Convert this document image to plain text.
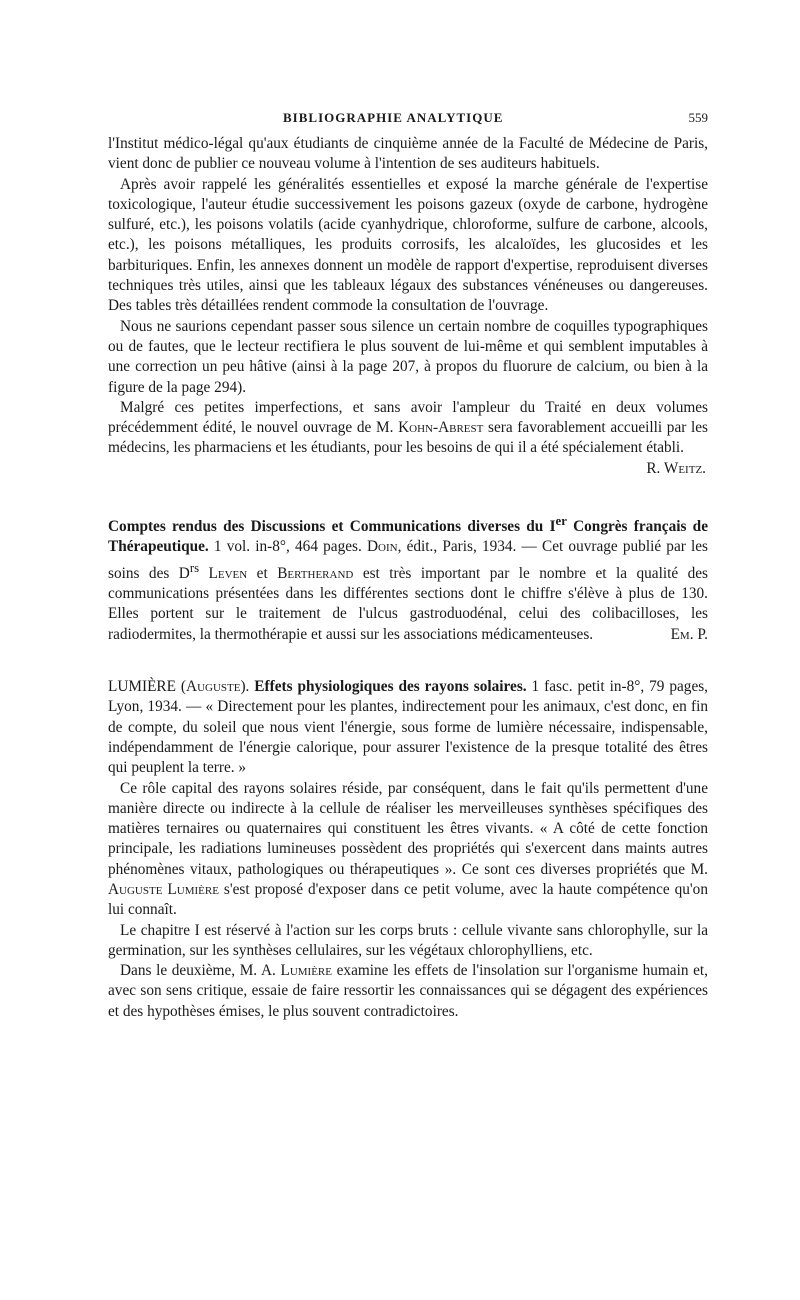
BIBLIOGRAPHIE ANALYTIQUE	559

l'Institut médico-légal qu'aux étudiants de cinquième année de la Faculté de Médecine de Paris, vient donc de publier ce nouveau volume à l'intention de ses auditeurs habituels.

Après avoir rappelé les généralités essentielles et exposé la marche générale de l'expertise toxicologique, l'auteur étudie successivement les poisons gazeux (oxyde de carbone, hydrogène sulfuré, etc.), les poisons volatils (acide cyanhydrique, chloroforme, sulfure de carbone, alcools, etc.), les poisons métalliques, les produits corrosifs, les alcaloïdes, les glucosides et les barbituriques. Enfin, les annexes donnent un modèle de rapport d'expertise, reproduisent diverses techniques très utiles, ainsi que les tableaux légaux des substances vénéneuses ou dangereuses. Des tables très détaillées rendent commode la consultation de l'ouvrage.

Nous ne saurions cependant passer sous silence un certain nombre de coquilles typographiques ou de fautes, que le lecteur rectifiera le plus souvent de lui-même et qui semblent imputables à une correction un peu hâtive (ainsi à la page 207, à propos du fluorure de calcium, ou bien à la figure de la page 294).

Malgré ces petites imperfections, et sans avoir l'ampleur du Traité en deux volumes précédemment édité, le nouvel ouvrage de M. Kohn-Abrest sera favorablement accueilli par les médecins, les pharmaciens et les étudiants, pour les besoins de qui il a été spécialement établi.

R. Weitz.

Comptes rendus des Discussions et Communications diverses du Ier Congrès français de Thérapeutique. 1 vol. in-8°, 464 pages. Doin, édit., Paris, 1934. — Cet ouvrage publié par les soins des $D^{rs}$ Leven et Bertherand est très important par le nombre et la qualité des communications présentées dans les différentes sections dont le chiffre s'élève à plus de 130. Elles portent sur le traitement de l'ulcus gastroduodénal, celui des colibacilloses, les radiodermites, la thermothérapie et aussi sur les associations médicamenteuses.	Em. P.

LUMIÈRE (Auguste). Effets physiologiques des rayons solaires. 1 fasc. petit in-8°, 79 pages, Lyon, 1934. — « Directement pour les plantes, indirectement pour les animaux, c'est donc, en fin de compte, du soleil que nous vient l'énergie, sous forme de lumière nécessaire, indispensable, indépendamment de l'énergie calorique, pour assurer l'existence de la presque totalité des êtres qui peuplent la terre. »

Ce rôle capital des rayons solaires réside, par conséquent, dans le fait qu'ils permettent d'une manière directe ou indirecte à la cellule de réaliser les merveilleuses synthèses spécifiques des matières ternaires ou quaternaires qui constituent les êtres vivants. « A côté de cette fonction principale, les radiations lumineuses possèdent des propriétés qui s'exercent dans maints autres phénomènes vitaux, pathologiques ou thérapeutiques ». Ce sont ces diverses propriétés que M. Auguste Lumière s'est proposé d'exposer dans ce petit volume, avec la haute compétence qu'on lui connaît.

Le chapitre I est réservé à l'action sur les corps bruts : cellule vivante sans chlorophylle, sur la germination, sur les synthèses cellulaires, sur les végétaux chlorophylliens, etc.

Dans le deuxième, M. A. Lumière examine les effets de l'insolation sur l'organisme humain et, avec son sens critique, essaie de faire ressortir les connaissances qui se dégagent des expériences et des hypothèses émises, le plus souvent contradictoires.
